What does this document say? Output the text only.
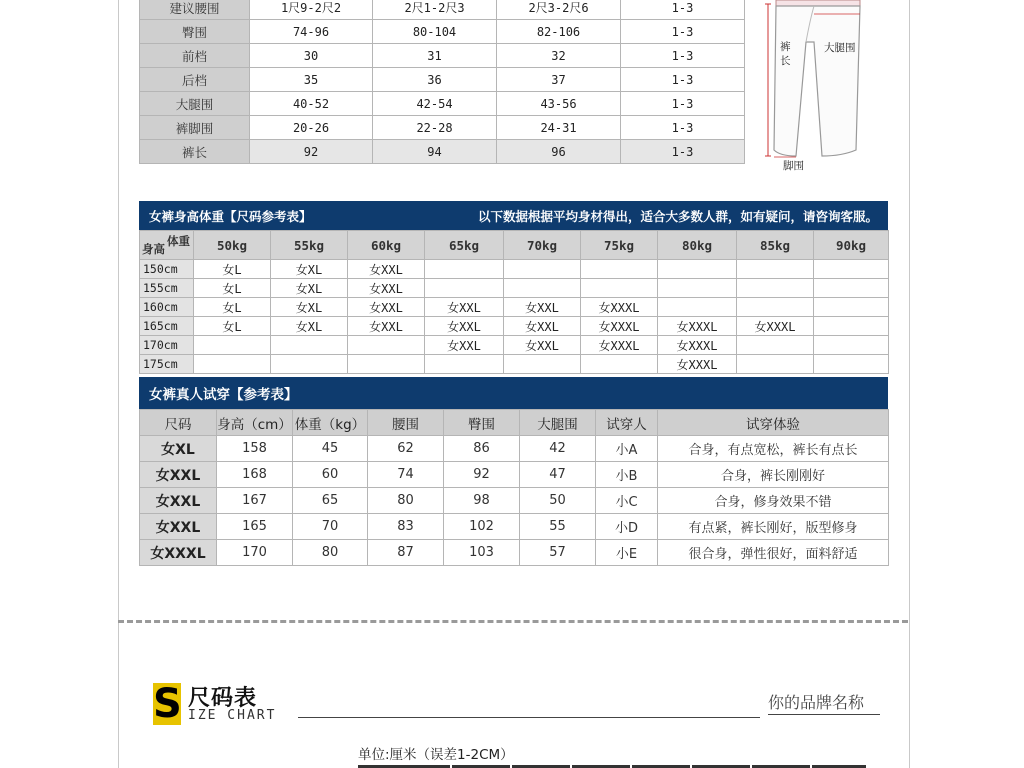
建议腰围	1尺9-2尺2	2尺1-2尺3	2尺3-2尺6	1-3
臀围	74-96	80-104	82-106	1-3
前档	30	31	32	1-3
后档	35	36	37	1-3
大腿围	40-52	42-54	43-56	1-3
裤脚围	20-26	22-28	24-31	1-3
裤长	92	94	96	1-3
裤
长
大腿围
脚围
女裤身高体重【尺码参考表】	以下数据根据平均身材得出，适合大多数人群，如有疑问，请咨询客服。
体重
身高	50kg	55kg	60kg	65kg	70kg	75kg	80kg	85kg	90kg
150cm	女L	女XL	女XXL						
155cm	女L	女XL	女XXL						
160cm	女L	女XL	女XXL	女XXL	女XXL	女XXXL			
165cm	女L	女XL	女XXL	女XXL	女XXL	女XXXL	女XXXL	女XXXL	
170cm				女XXL	女XXL	女XXXL	女XXXL		
175cm							女XXXL		
女裤真人试穿【参考表】
尺码	身高（cm）	体重（kg）	腰围	臀围	大腿围	试穿人	试穿体验
女XL	158	45	62	86	42	小A	合身，有点宽松，裤长有点长
女XXL	168	60	74	92	47	小B	合身，裤长刚刚好
女XXL	167	65	80	98	50	小C	合身，修身效果不错
女XXL	165	70	83	102	55	小D	有点紧，裤长刚好，版型修身
女XXXL	170	80	87	103	57	小E	很合身，弹性很好，面料舒适
S 尺码表
IZE CHART
你的品牌名称
单位:厘米（误差1-2CM）
